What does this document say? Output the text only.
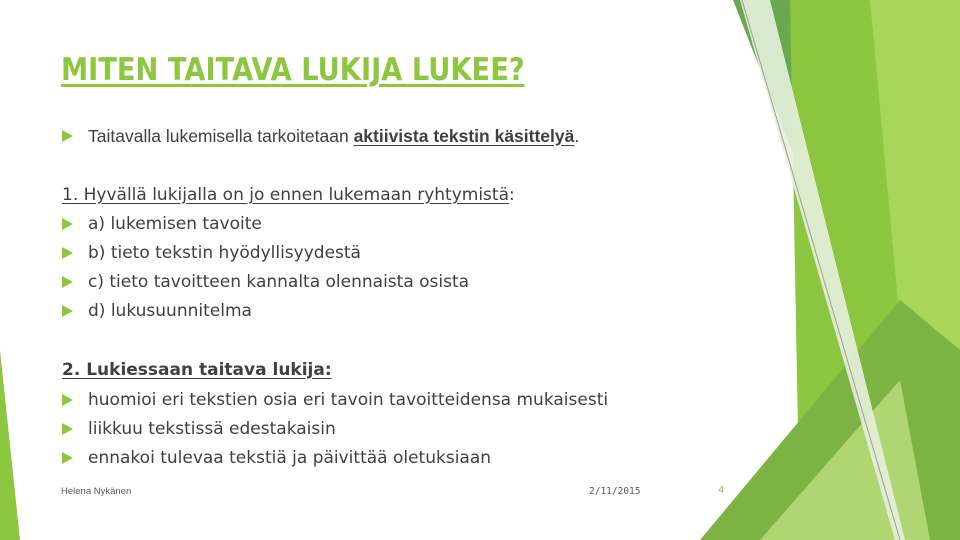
MITEN TAITAVA LUKIJA LUKEE?
Taitavalla lukemisella tarkoitetaan aktiivista tekstin käsittelyä.
1. Hyvällä lukijalla on jo ennen lukemaan ryhtymistä:
a) lukemisen tavoite
b) tieto tekstin hyödyllisyydestä
c) tieto tavoitteen kannalta olennaista osista
d) lukusuunnitelma
2. Lukiessaan taitava lukija:
huomioi eri tekstien osia eri tavoin tavoitteidensa mukaisesti
liikkuu tekstissä edestakaisin
ennakoi tulevaa tekstiä ja päivittää oletuksiaan
Helena Nykänen	2/11/2015	4
